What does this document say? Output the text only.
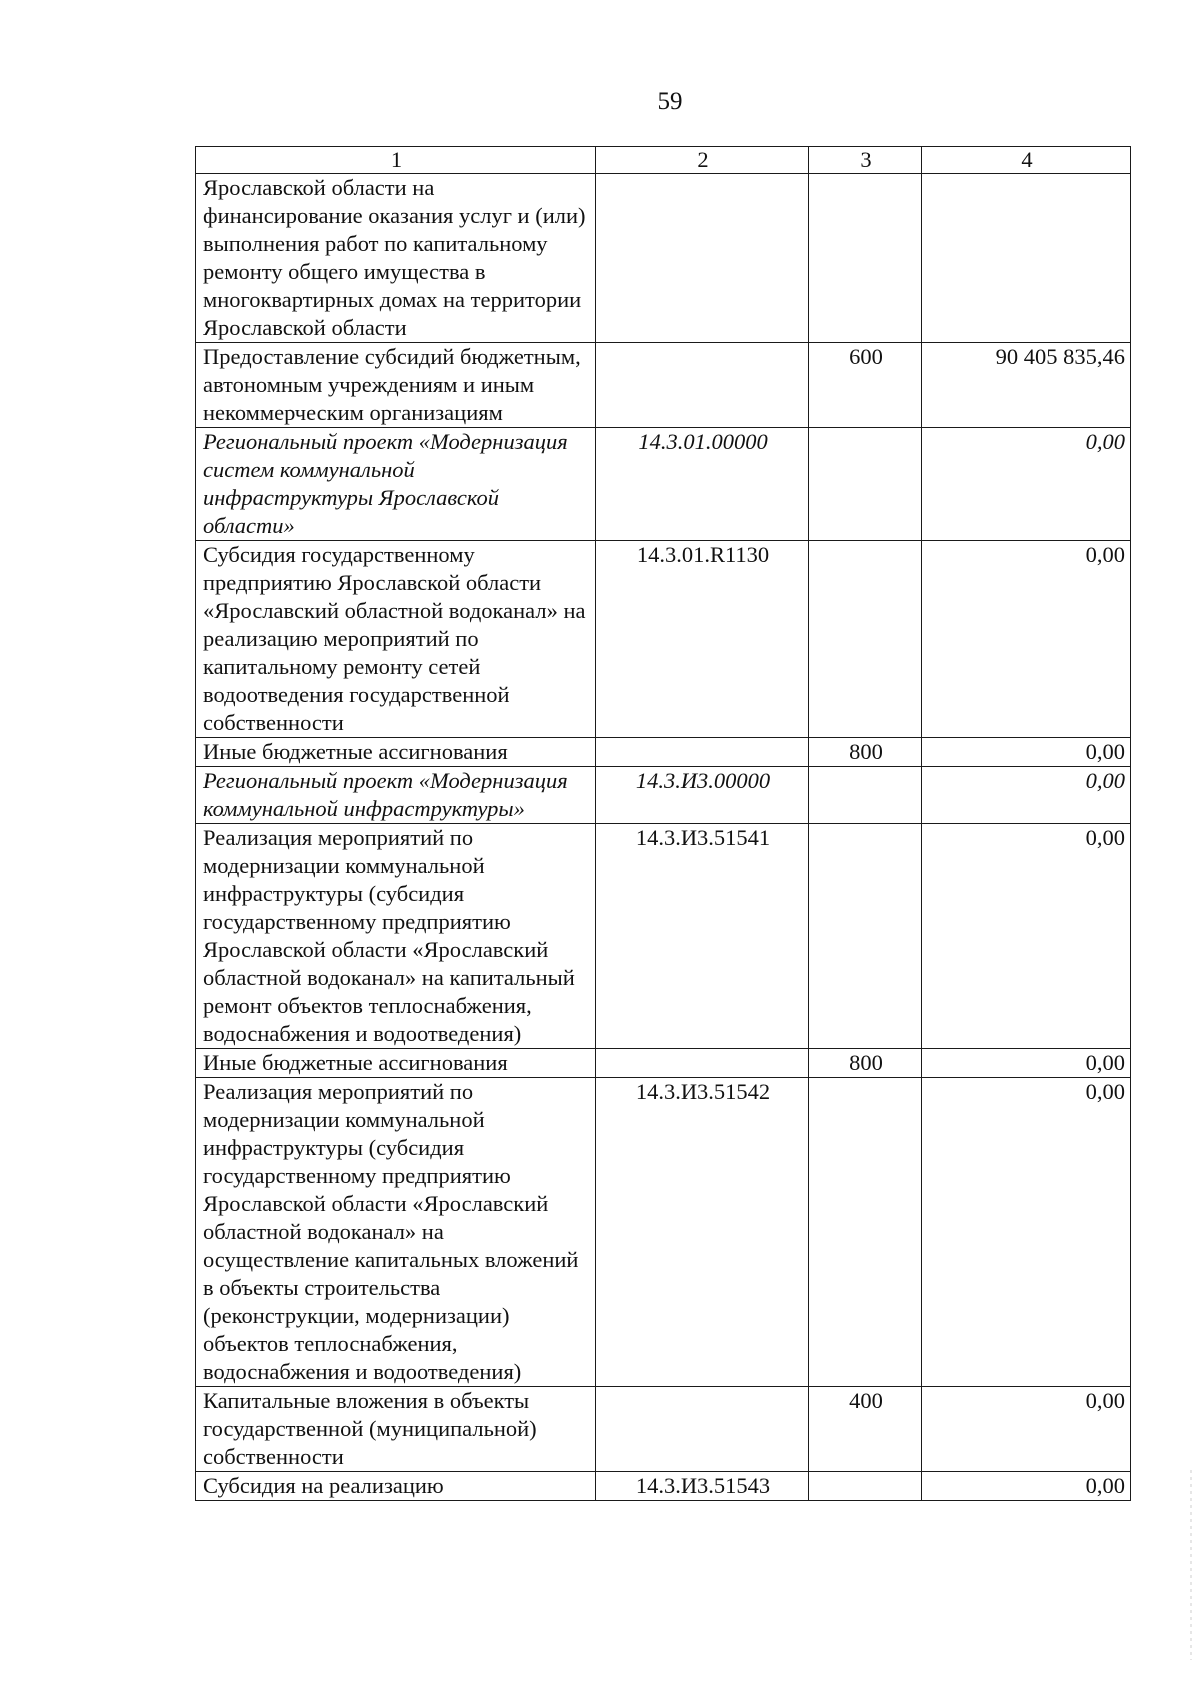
59
1	2	3	4
Ярославской области на финансирование оказания услуг и (или) выполнения работ по капитальному ремонту общего имущества в многоквартирных домах на территории Ярославской области			
Предоставление субсидий бюджетным, автономным учреждениям и иным некоммерческим организациям		600	90 405 835,46
Региональный проект «Модернизация систем коммунальной инфраструктуры Ярославской области»	14.3.01.00000		0,00
Субсидия государственному предприятию Ярославской области «Ярославский областной водоканал» на реализацию мероприятий по капитальному ремонту сетей водоотведения государственной собственности	14.3.01.R1130		0,00
Иные бюджетные ассигнования		800	0,00
Региональный проект «Модернизация коммунальной инфраструктуры»	14.3.И3.00000		0,00
Реализация мероприятий по модернизации коммунальной инфраструктуры (субсидия государственному предприятию Ярославской области «Ярославский областной водоканал» на капитальный ремонт объектов теплоснабжения, водоснабжения и водоотведения)	14.3.И3.51541		0,00
Иные бюджетные ассигнования		800	0,00
Реализация мероприятий по модернизации коммунальной инфраструктуры (субсидия государственному предприятию Ярославской области «Ярославский областной водоканал» на осуществление капитальных вложений в объекты строительства (реконструкции, модернизации) объектов теплоснабжения, водоснабжения и водоотведения)	14.3.И3.51542		0,00
Капитальные вложения в объекты государственной (муниципальной) собственности		400	0,00
Субсидия на реализацию	14.3.И3.51543		0,00
